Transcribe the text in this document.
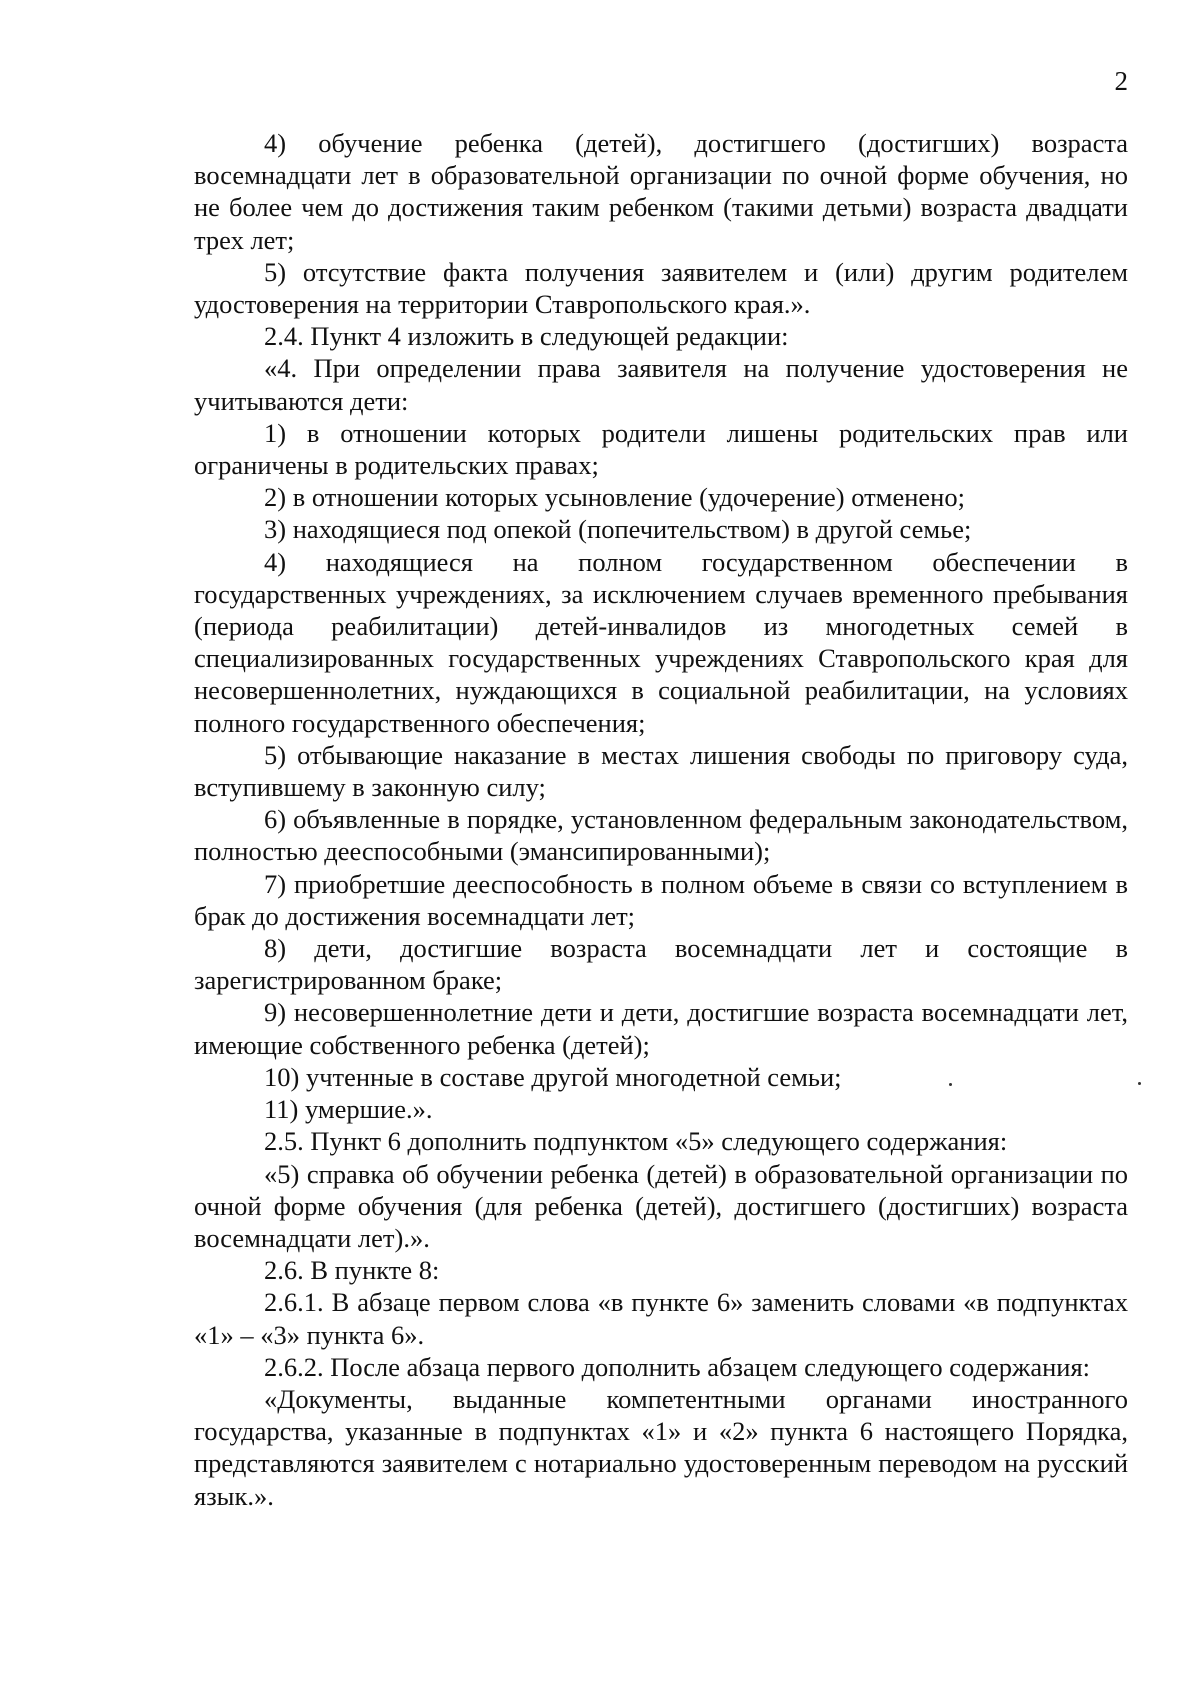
2

4) обучение ребенка (детей), достигшего (достигших) возраста восемнадцати лет в образовательной организации по очной форме обучения, но не более чем до достижения таким ребенком (такими детьми) возраста двадцати трех лет;

5) отсутствие факта получения заявителем и (или) другим родителем удостоверения на территории Ставропольского края.».

2.4. Пункт 4 изложить в следующей редакции:

«4. При определении права заявителя на получение удостоверения не учитываются дети:

1) в отношении которых родители лишены родительских прав или ограничены в родительских правах;

2) в отношении которых усыновление (удочерение) отменено;

3) находящиеся под опекой (попечительством) в другой семье;

4) находящиеся на полном государственном обеспечении в государственных учреждениях, за исключением случаев временного пребывания (периода реабилитации) детей-инвалидов из многодетных семей в специализированных государственных учреждениях Ставропольского края для несовершеннолетних, нуждающихся в социальной реабилитации, на условиях полного государственного обеспечения;

5) отбывающие наказание в местах лишения свободы по приговору суда, вступившему в законную силу;

6) объявленные в порядке, установленном федеральным законодательством, полностью дееспособными (эмансипированными);

7) приобретшие дееспособность в полном объеме в связи со вступлением в брак до достижения восемнадцати лет;

8) дети, достигшие возраста восемнадцати лет и состоящие в зарегистрированном браке;

9) несовершеннолетние дети и дети, достигшие возраста восемнадцати лет, имеющие собственного ребенка (детей);

10) учтенные в составе другой многодетной семьи;

11) умершие.».

2.5. Пункт 6 дополнить подпунктом «5» следующего содержания:

«5) справка об обучении ребенка (детей) в образовательной организации по очной форме обучения (для ребенка (детей), достигшего (достигших) возраста восемнадцати лет).».

2.6. В пункте 8:

2.6.1. В абзаце первом слова «в пункте 6» заменить словами «в подпунктах «1» – «3» пункта 6».

2.6.2. После абзаца первого дополнить абзацем следующего содержания:

«Документы, выданные компетентными органами иностранного государства, указанные в подпунктах «1» и «2» пункта 6 настоящего Порядка, представляются заявителем с нотариально удостоверенным переводом на русский язык.».
